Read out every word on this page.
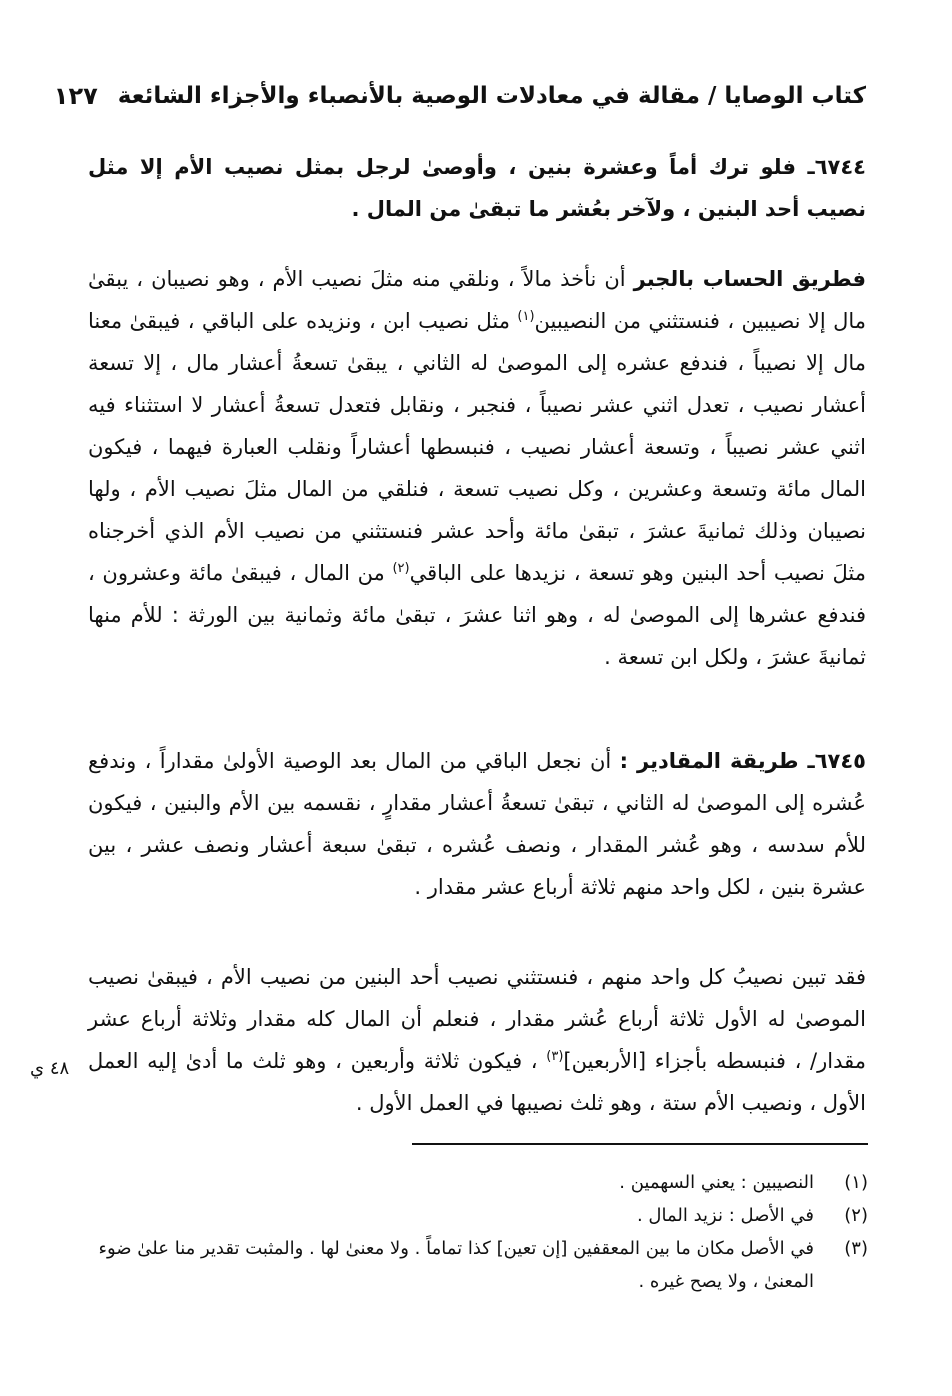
كتاب الوصايا / مقالة في معادلات الوصية بالأنصباء والأجزاء الشائعة
١٢٧

٦٧٤٤ـ فلو ترك أماً وعشرة بنين ، وأوصىٰ لرجل بمثل نصيب الأم إلا مثل نصيب أحد البنين ، ولآخر بعُشر ما تبقىٰ من المال .

فطريق الحساب بالجبر أن نأخذ مالاً ، ونلقي منه مثلَ نصيب الأم ، وهو نصيبان ، يبقىٰ مال إلا نصيبين ، فنستثني من النصيبين$^{(١)}$ مثل نصيب ابن ، ونزيده على الباقي ، فيبقىٰ معنا مال إلا نصيباً ، فندفع عشره إلى الموصىٰ له الثاني ، يبقىٰ تسعةُ أعشار مال ، إلا تسعة أعشار نصيب ، تعدل اثني عشر نصيباً ، فنجبر ، ونقابل فتعدل تسعةُ أعشار لا استثناء فيه اثني عشر نصيباً ، وتسعة أعشار نصيب ، فنبسطها أعشاراً ونقلب العبارة فيهما ، فيكون المال مائة وتسعة وعشرين ، وكل نصيب تسعة ، فنلقي من المال مثلَ نصيب الأم ، ولها نصيبان وذلك ثمانيةَ عشرَ ، تبقىٰ مائة وأحد عشر فنستثني من نصيب الأم الذي أخرجناه مثلَ نصيب أحد البنين وهو تسعة ، نزيدها على الباقي$^{(٢)}$ من المال ، فيبقىٰ مائة وعشرون ، فندفع عشرها إلى الموصىٰ له ، وهو اثنا عشرَ ، تبقىٰ مائة وثمانية بين الورثة : للأم منها ثمانيةَ عشرَ ، ولكل ابن تسعة .

٦٧٤٥ـ طريقة المقادير : أن نجعل الباقي من المال بعد الوصية الأولىٰ مقداراً ، وندفع عُشره إلى الموصىٰ له الثاني ، تبقىٰ تسعةُ أعشار مقدارٍ ، نقسمه بين الأم والبنين ، فيكون للأم سدسه ، وهو عُشر المقدار ، ونصف عُشره ، تبقىٰ سبعة أعشار ونصف عشر ، بين عشرة بنين ، لكل واحد منهم ثلاثة أرباع عشر مقدار .

فقد تبين نصيبُ كل واحد منهم ، فنستثني نصيب أحد البنين من نصيب الأم ، فيبقىٰ نصيب الموصىٰ له الأول ثلاثة أرباع عُشر مقدار ، فنعلم أن المال كله مقدار وثلاثة أرباع عشر مقدار/ ، فنبسطه بأجزاء [الأربعين]$^{(٣)}$ ، فيكون ثلاثة وأربعين ، وهو ثلث ما أدىٰ إليه العمل الأول ، ونصيب الأم ستة ، وهو ثلث نصيبها في العمل الأول .

٤٨ ي
(١)
النصيبين : يعني السهمين .
(٢)
في الأصل : نزيد المال .
(٣)
في الأصل مكان ما بين المعقفين [إن تعين] كذا تماماً . ولا معنىٰ لها . والمثبت تقدير منا علىٰ ضوء المعنىٰ ، ولا يصح غيره .
